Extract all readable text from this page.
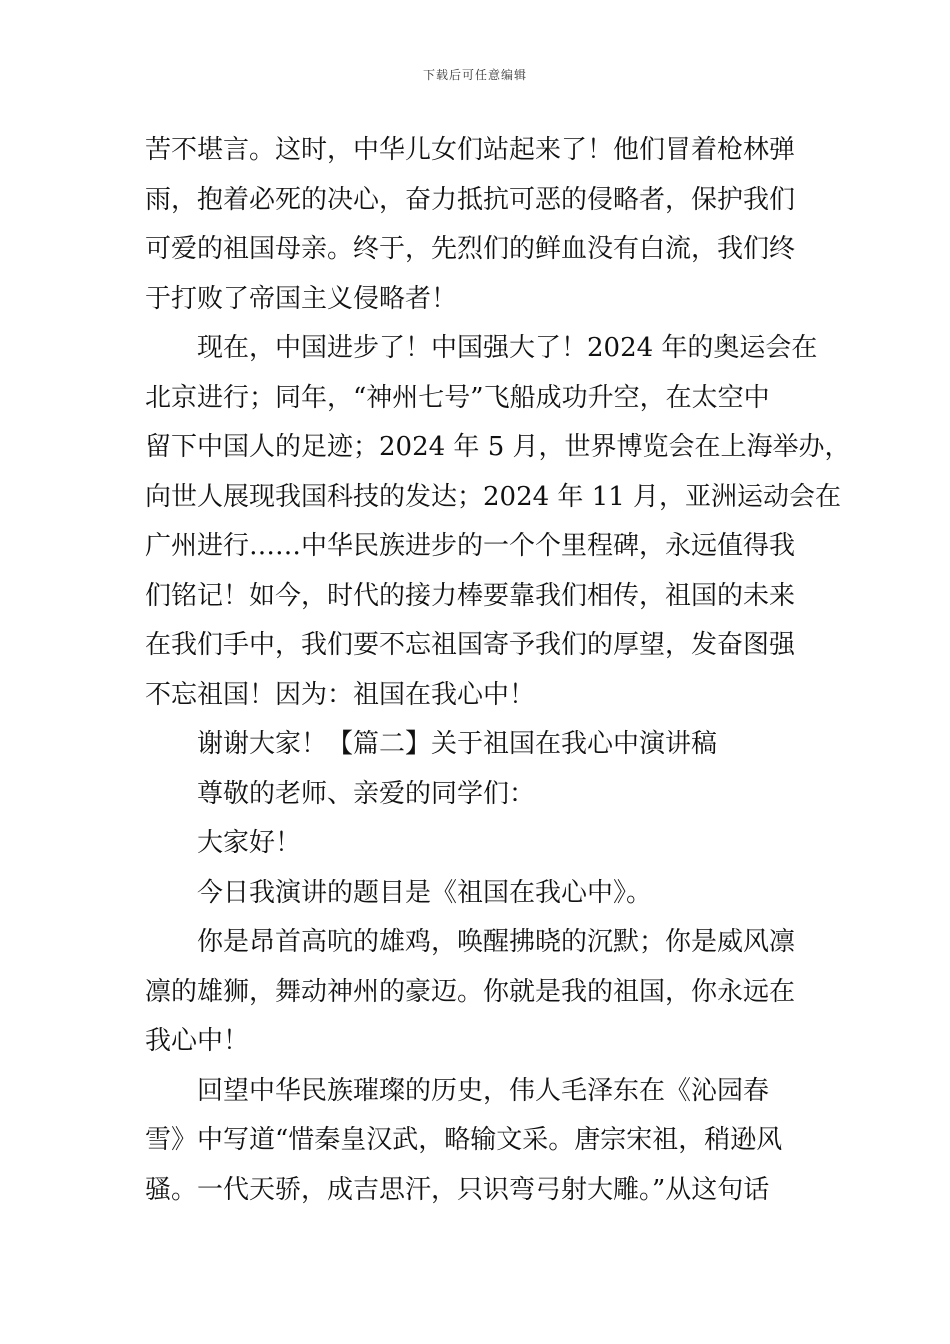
下载后可任意编辑

苦不堪言。这时，中华儿女们站起来了！他们冒着枪林弹
雨，抱着必死的决心，奋力抵抗可恶的侵略者，保护我们
可爱的祖国母亲。终于，先烈们的鲜血没有白流，我们终
于打败了帝国主义侵略者！

现在，中国进步了！中国强大了！2024 年的奥运会在
北京进行；同年，“神州七号”飞船成功升空，在太空中
留下中国人的足迹；2024 年 5 月，世界博览会在上海举办，
向世人展现我国科技的发达；2024 年 11 月，亚洲运动会在
广州进行……中华民族进步的一个个里程碑，永远值得我
们铭记！如今，时代的接力棒要靠我们相传，祖国的未来
在我们手中，我们要不忘祖国寄予我们的厚望，发奋图强
不忘祖国！因为：祖国在我心中！

谢谢大家！【篇二】关于祖国在我心中演讲稿

尊敬的老师、亲爱的同学们：

大家好！

今日我演讲的题目是《祖国在我心中》。

你是昂首高吭的雄鸡，唤醒拂晓的沉默；你是威风凛
凛的雄狮，舞动神州的豪迈。你就是我的祖国，你永远在
我心中！

回望中华民族璀璨的历史，伟人毛泽东在《沁园春
雪》中写道“惜秦皇汉武，略输文采。唐宗宋祖，稍逊风
骚。一代天骄，成吉思汗，只识弯弓射大雕。”从这句话
